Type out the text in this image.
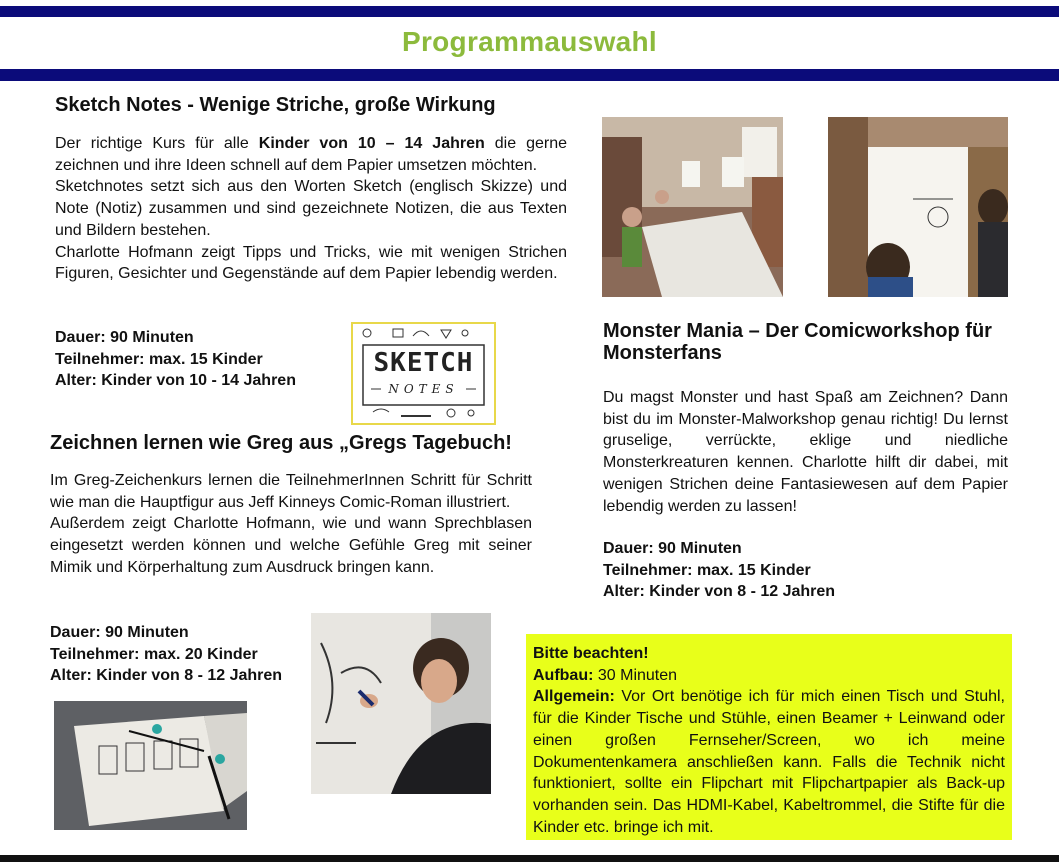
Programmauswahl
Sketch Notes - Wenige Striche, große Wirkung

Der richtige Kurs für alle Kinder von 10 – 14 Jahren die gerne zeichnen und ihre Ideen schnell auf dem Papier umsetzen möchten.

Sketchnotes setzt sich aus den Worten Sketch (englisch Skizze) und Note (Notiz) zusammen und sind gezeichnete Notizen, die aus Texten und Bildern bestehen.

Charlotte Hofmann zeigt Tipps und Tricks, wie mit wenigen Strichen Figuren, Gesichter und Gegenstände auf dem Papier lebendig werden.

Dauer: 90 Minuten
Teilnehmer: max. 15 Kinder
Alter: Kinder von 10 - 14 Jahren
SKETCH
NOTES
Zeichnen lernen wie Greg aus „Gregs Tagebuch!

Im Greg-Zeichenkurs lernen die TeilnehmerInnen Schritt für Schritt wie man die Hauptfigur aus Jeff Kinneys Comic-Roman illustriert.

Außerdem zeigt Charlotte Hofmann, wie und wann Sprechblasen eingesetzt werden können und welche Gefühle Greg mit seiner Mimik und Körperhaltung zum Ausdruck bringen kann.

Dauer: 90 Minuten
Teilnehmer: max. 20 Kinder
Alter: Kinder von 8 - 12 Jahren
Monster Mania – Der Comicworkshop für Monsterfans

Du magst Monster und hast Spaß am Zeichnen? Dann bist du im Monster-Malworkshop genau richtig! Du lernst gruselige, verrückte, eklige und niedliche Monsterkreaturen kennen. Charlotte hilft dir dabei, mit wenigen Strichen deine Fantasiewesen auf dem Papier lebendig werden zu lassen!

Dauer: 90 Minuten
Teilnehmer: max. 15 Kinder
Alter: Kinder von 8 - 12 Jahren

Bitte beachten!

Aufbau: 30 Minuten

Allgemein: Vor Ort benötige ich für mich einen Tisch und Stuhl, für die Kinder Tische und Stühle, einen Beamer + Leinwand oder einen großen Fernseher/Screen, wo ich meine Dokumentenkamera anschließen kann. Falls die Technik nicht funktioniert, sollte ein Flipchart mit Flipchartpapier als Back-up vorhanden sein. Das HDMI-Kabel, Kabeltrommel, die Stifte für die Kinder etc. bringe ich mit.
